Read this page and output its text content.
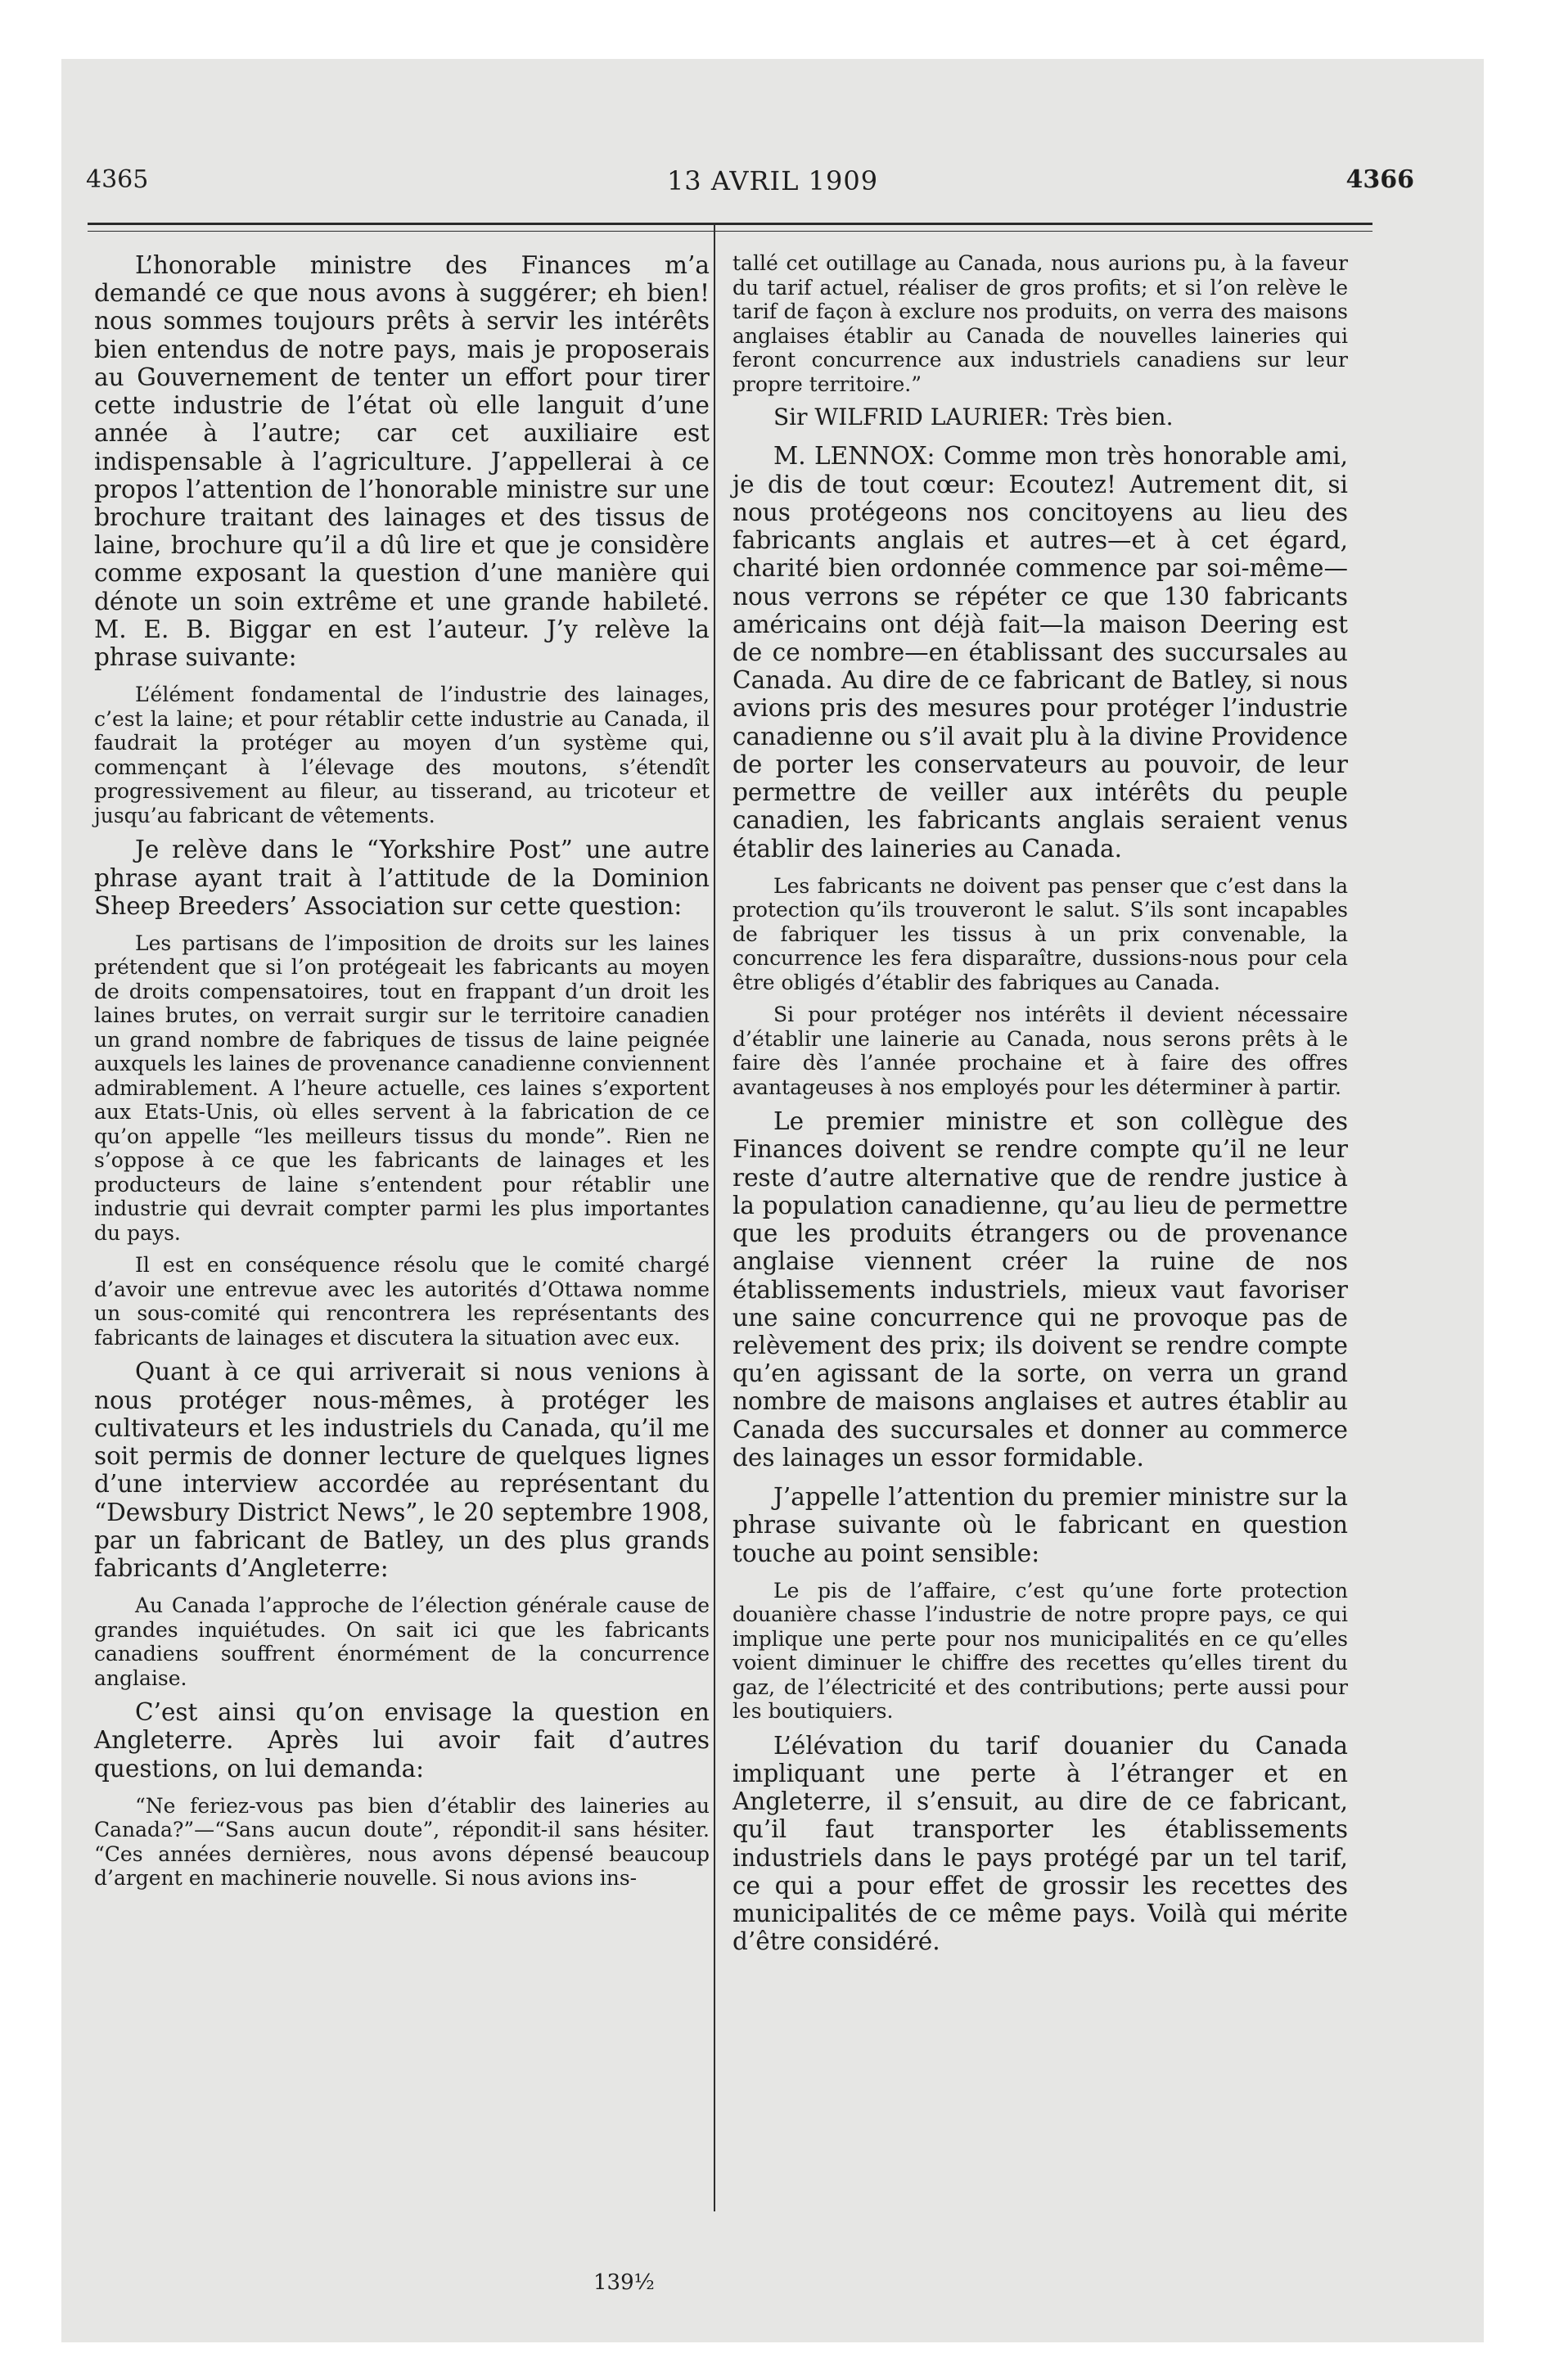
4365	13 AVRIL 1909	4366

L’honorable ministre des Finances m’a demandé ce que nous avons à suggérer; eh bien! nous sommes toujours prêts à servir les intérêts bien entendus de notre pays, mais je proposerais au Gouvernement de tenter un effort pour tirer cette industrie de l’état où elle languit d’une année à l’autre; car cet auxiliaire est indispensable à l’agriculture. J’appellerai à ce propos l’attention de l’honorable ministre sur une brochure traitant des lainages et des tissus de laine, brochure qu’il a dû lire et que je considère comme exposant la question d’une manière qui dénote un soin extrême et une grande habileté. M. E. B. Biggar en est l’auteur. J’y relève la phrase suivante:

L’élément fondamental de l’industrie des lainages, c’est la laine; et pour rétablir cette industrie au Canada, il faudrait la protéger au moyen d’un système qui, commençant à l’élevage des moutons, s’étendît progressivement au fileur, au tisserand, au tricoteur et jusqu’au fabricant de vêtements.

Je relève dans le “Yorkshire Post” une autre phrase ayant trait à l’attitude de la Dominion Sheep Breeders’ Association sur cette question:

Les partisans de l’imposition de droits sur les laines prétendent que si l’on protégeait les fabricants au moyen de droits compensatoires, tout en frappant d’un droit les laines brutes, on verrait surgir sur le territoire canadien un grand nombre de fabriques de tissus de laine peignée auxquels les laines de provenance canadienne conviennent admirablement. A l’heure actuelle, ces laines s’exportent aux Etats-Unis, où elles servent à la fabrication de ce qu’on appelle “les meilleurs tissus du monde”. Rien ne s’oppose à ce que les fabricants de lainages et les producteurs de laine s’entendent pour rétablir une industrie qui devrait compter parmi les plus importantes du pays.

Il est en conséquence résolu que le comité chargé d’avoir une entrevue avec les autorités d’Ottawa nomme un sous-comité qui rencontrera les représentants des fabricants de lainages et discutera la situation avec eux.

Quant à ce qui arriverait si nous venions à nous protéger nous-mêmes, à protéger les cultivateurs et les industriels du Canada, qu’il me soit permis de donner lecture de quelques lignes d’une interview accordée au représentant du “Dewsbury District News”, le 20 septembre 1908, par un fabricant de Batley, un des plus grands fabricants d’Angleterre:

Au Canada l’approche de l’élection générale cause de grandes inquiétudes. On sait ici que les fabricants canadiens souffrent énormément de la concurrence anglaise.

C’est ainsi qu’on envisage la question en Angleterre. Après lui avoir fait d’autres questions, on lui demanda:

“Ne feriez-vous pas bien d’établir des laineries au Canada?”—“Sans aucun doute”, répondit-il sans hésiter. “Ces années dernières, nous avons dépensé beaucoup d’argent en machinerie nouvelle. Si nous avions ins-

tallé cet outillage au Canada, nous aurions pu, à la faveur du tarif actuel, réaliser de gros profits; et si l’on relève le tarif de façon à exclure nos produits, on verra des maisons anglaises établir au Canada de nouvelles laineries qui feront concurrence aux industriels canadiens sur leur propre territoire.”

Sir WILFRID LAURIER: Très bien.

M. LENNOX: Comme mon très honorable ami, je dis de tout cœur: Ecoutez! Autrement dit, si nous protégeons nos concitoyens au lieu des fabricants anglais et autres—et à cet égard, charité bien ordonnée commence par soi-même—nous verrons se répéter ce que 130 fabricants américains ont déjà fait—la maison Deering est de ce nombre—en établissant des succursales au Canada. Au dire de ce fabricant de Batley, si nous avions pris des mesures pour protéger l’industrie canadienne ou s’il avait plu à la divine Providence de porter les conservateurs au pouvoir, de leur permettre de veiller aux intérêts du peuple canadien, les fabricants anglais seraient venus établir des laineries au Canada.

Les fabricants ne doivent pas penser que c’est dans la protection qu’ils trouveront le salut. S’ils sont incapables de fabriquer les tissus à un prix convenable, la concurrence les fera disparaître, dussions-nous pour cela être obligés d’établir des fabriques au Canada.

Si pour protéger nos intérêts il devient nécessaire d’établir une lainerie au Canada, nous serons prêts à le faire dès l’année prochaine et à faire des offres avantageuses à nos employés pour les déterminer à partir.

Le premier ministre et son collègue des Finances doivent se rendre compte qu’il ne leur reste d’autre alternative que de rendre justice à la population canadienne, qu’au lieu de permettre que les produits étrangers ou de provenance anglaise viennent créer la ruine de nos établissements industriels, mieux vaut favoriser une saine concurrence qui ne provoque pas de relèvement des prix; ils doivent se rendre compte qu’en agissant de la sorte, on verra un grand nombre de maisons anglaises et autres établir au Canada des succursales et donner au commerce des lainages un essor formidable.

J’appelle l’attention du premier ministre sur la phrase suivante où le fabricant en question touche au point sensible:

Le pis de l’affaire, c’est qu’une forte protection douanière chasse l’industrie de notre propre pays, ce qui implique une perte pour nos municipalités en ce qu’elles voient diminuer le chiffre des recettes qu’elles tirent du gaz, de l’électricité et des contributions; perte aussi pour les boutiquiers.

L’élévation du tarif douanier du Canada impliquant une perte à l’étranger et en Angleterre, il s’ensuit, au dire de ce fabricant, qu’il faut transporter les établissements industriels dans le pays protégé par un tel tarif, ce qui a pour effet de grossir les recettes des municipalités de ce même pays. Voilà qui mérite d’être considéré.

139½
